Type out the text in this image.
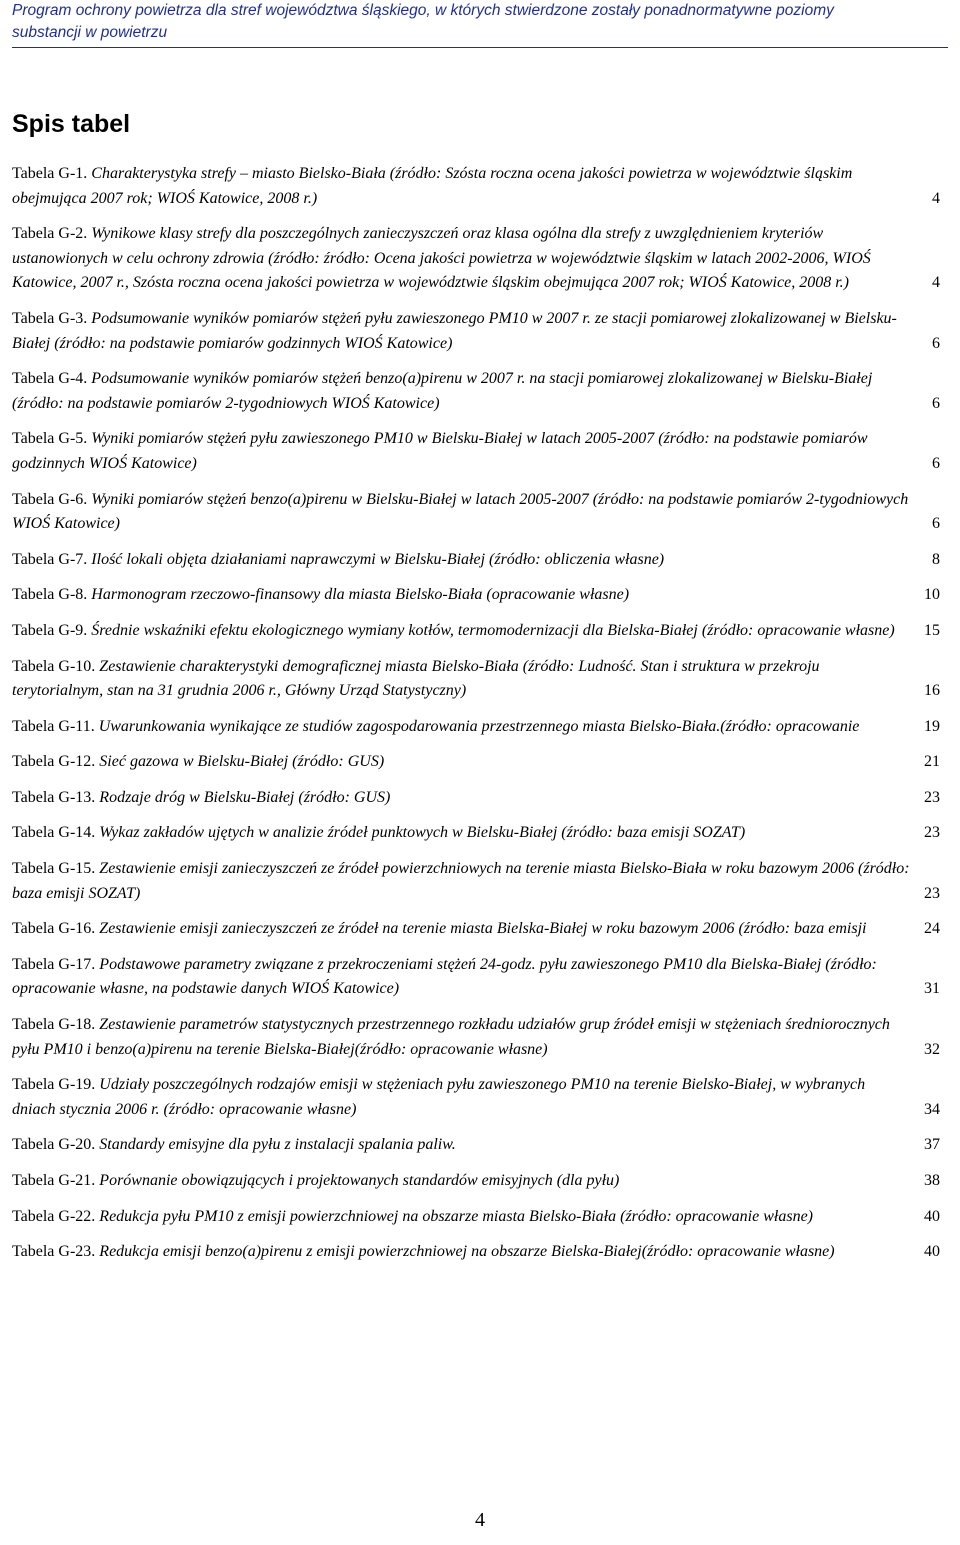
Program ochrony powietrza dla stref województwa śląskiego, w których stwierdzone zostały ponadnormatywne poziomy
substancji w powietrzu
Spis tabel
Tabela G-1. Charakterystyka strefy – miasto Bielsko-Biała (źródło: Szósta roczna ocena jakości powietrza w województwie śląskim obejmująca 2007 rok; WIOŚ Katowice, 2008 r.)	4
Tabela G-2. Wynikowe klasy strefy dla poszczególnych zanieczyszczeń oraz klasa ogólna dla strefy z uwzględnieniem kryteriów ustanowionych w celu ochrony zdrowia (źródło: źródło: Ocena jakości powietrza w województwie śląskim w latach 2002-2006, WIOŚ Katowice, 2007 r., Szósta roczna ocena jakości powietrza w województwie śląskim obejmująca 2007 rok; WIOŚ Katowice, 2008 r.)	4
Tabela G-3. Podsumowanie wyników pomiarów stężeń pyłu zawieszonego PM10 w 2007 r. ze stacji pomiarowej zlokalizowanej w Bielsku-Białej (źródło: na podstawie pomiarów godzinnych WIOŚ Katowice)	6
Tabela G-4. Podsumowanie wyników pomiarów stężeń benzo(a)pirenu w 2007 r. na stacji pomiarowej zlokalizowanej w Bielsku-Białej (źródło: na podstawie pomiarów 2-tygodniowych WIOŚ Katowice)	6
Tabela G-5. Wyniki pomiarów stężeń pyłu zawieszonego PM10 w Bielsku-Białej w latach 2005-2007 (źródło: na podstawie pomiarów godzinnych WIOŚ Katowice)	6
Tabela G-6. Wyniki pomiarów stężeń benzo(a)pirenu w Bielsku-Białej w latach 2005-2007 (źródło: na podstawie pomiarów 2-tygodniowych WIOŚ Katowice)	6
Tabela G-7. Ilość lokali objęta działaniami naprawczymi w Bielsku-Białej (źródło: obliczenia własne)	8
Tabela G-8. Harmonogram rzeczowo-finansowy dla miasta Bielsko-Biała (opracowanie własne)	10
Tabela G-9. Średnie wskaźniki efektu ekologicznego wymiany kotłów, termomodernizacji dla Bielska-Białej (źródło: opracowanie własne)	15
Tabela G-10. Zestawienie charakterystyki demograficznej miasta Bielsko-Biała (źródło: Ludność. Stan i struktura w przekroju terytorialnym, stan na 31 grudnia 2006 r., Główny Urząd Statystyczny)	16
Tabela G-11. Uwarunkowania wynikające ze studiów zagospodarowania przestrzennego miasta Bielsko-Biała.(źródło: opracowanie	19
Tabela G-12. Sieć gazowa w Bielsku-Białej (źródło: GUS)	21
Tabela G-13. Rodzaje dróg w Bielsku-Białej (źródło: GUS)	23
Tabela G-14. Wykaz zakładów ujętych w analizie źródeł punktowych w Bielsku-Białej (źródło: baza emisji SOZAT)	23
Tabela G-15. Zestawienie emisji zanieczyszczeń ze źródeł powierzchniowych na terenie miasta Bielsko-Biała w roku bazowym 2006 (źródło: baza emisji SOZAT)	23
Tabela G-16. Zestawienie emisji zanieczyszczeń ze źródeł na terenie miasta Bielska-Białej w roku bazowym 2006 (źródło: baza emisji	24
Tabela G-17. Podstawowe parametry związane z przekroczeniami stężeń 24-godz. pyłu zawieszonego PM10 dla Bielska-Białej (źródło: opracowanie własne, na podstawie danych WIOŚ Katowice)	31
Tabela G-18. Zestawienie parametrów statystycznych przestrzennego rozkładu udziałów grup źródeł emisji w stężeniach średniorocznych pyłu PM10 i benzo(a)pirenu na terenie Bielska-Białej(źródło: opracowanie własne)	32
Tabela G-19. Udziały poszczególnych rodzajów emisji w stężeniach pyłu zawieszonego PM10 na terenie Bielsko-Białej, w wybranych dniach stycznia 2006 r. (źródło: opracowanie własne)	34
Tabela G-20. Standardy emisyjne dla pyłu z instalacji spalania paliw.	37
Tabela G-21. Porównanie obowiązujących i projektowanych standardów emisyjnych (dla pyłu)	38
Tabela G-22. Redukcja pyłu PM10 z emisji powierzchniowej na obszarze miasta Bielsko-Biała (źródło: opracowanie własne)	40
Tabela G-23. Redukcja emisji benzo(a)pirenu z emisji powierzchniowej na obszarze Bielska-Białej(źródło: opracowanie własne)	40
4
